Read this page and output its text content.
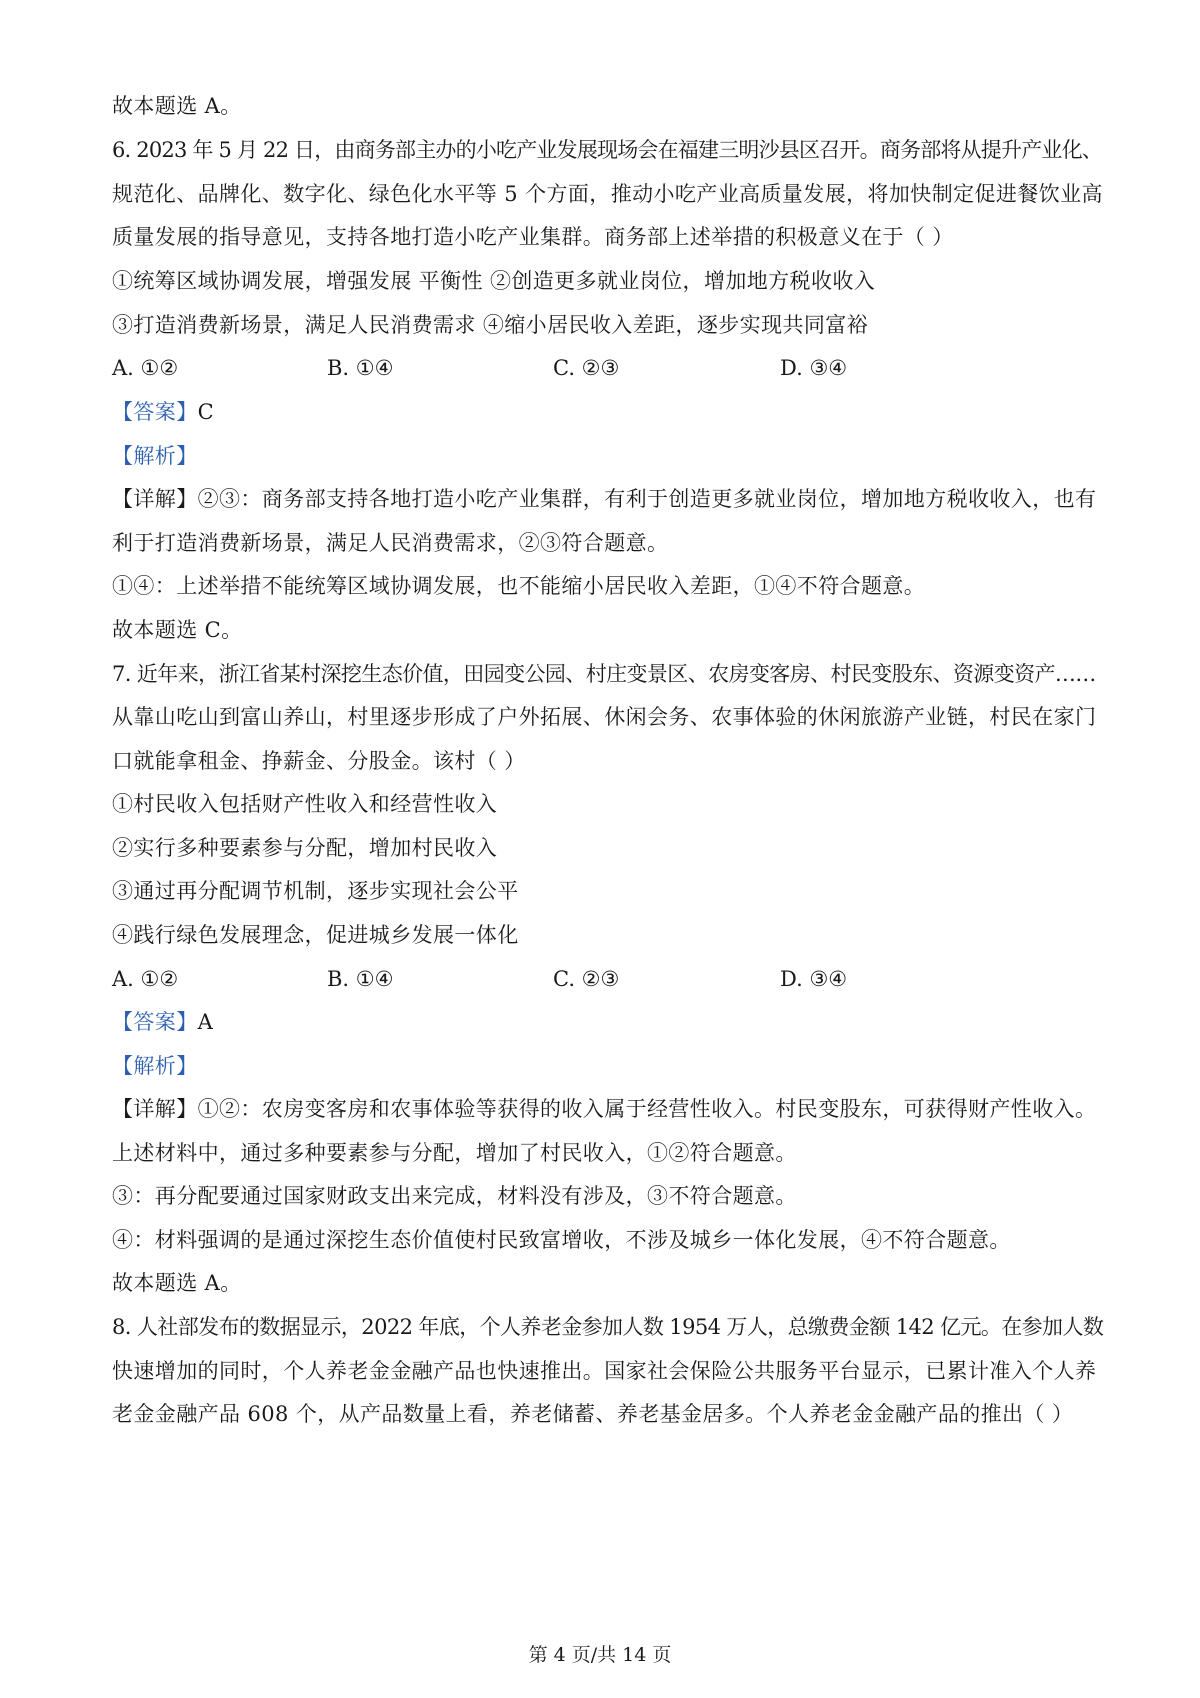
故本题选 A。
6. 2023 年 5 月 22 日，由商务部主办的小吃产业发展现场会在福建三明沙县区召开。商务部将从提升产业化、
规范化、品牌化、数字化、绿色化水平等 5 个方面，推动小吃产业高质量发展，将加快制定促进餐饮业高
质量发展的指导意见，支持各地打造小吃产业集群。商务部上述举措的积极意义在于（ ）
①统筹区域协调发展，增强发展 平衡性 ②创造更多就业岗位，增加地方税收收入
③打造消费新场景，满足人民消费需求 ④缩小居民收入差距，逐步实现共同富裕
A. ①②	B. ①④	C. ②③	D. ③④
【答案】C
【解析】
【详解】②③：商务部支持各地打造小吃产业集群，有利于创造更多就业岗位，增加地方税收收入，也有
利于打造消费新场景，满足人民消费需求，②③符合题意。
①④：上述举措不能统筹区域协调发展，也不能缩小居民收入差距，①④不符合题意。
故本题选 C。
7. 近年来，浙江省某村深挖生态价值，田园变公园、村庄变景区、农房变客房、村民变股东、资源变资产……
从靠山吃山到富山养山，村里逐步形成了户外拓展、休闲会务、农事体验的休闲旅游产业链，村民在家门
口就能拿租金、挣薪金、分股金。该村（ ）
①村民收入包括财产性收入和经营性收入
②实行多种要素参与分配，增加村民收入
③通过再分配调节机制，逐步实现社会公平
④践行绿色发展理念，促进城乡发展一体化
A. ①②	B. ①④	C. ②③	D. ③④
【答案】A
【解析】
【详解】①②：农房变客房和农事体验等获得的收入属于经营性收入。村民变股东，可获得财产性收入。
上述材料中，通过多种要素参与分配，增加了村民收入，①②符合题意。
③：再分配要通过国家财政支出来完成，材料没有涉及，③不符合题意。
④：材料强调的是通过深挖生态价值使村民致富增收，不涉及城乡一体化发展，④不符合题意。
故本题选 A。
8. 人社部发布的数据显示，2022 年底，个人养老金参加人数 1954 万人，总缴费金额 142 亿元。在参加人数
快速增加的同时，个人养老金金融产品也快速推出。国家社会保险公共服务平台显示，已累计准入个人养
老金金融产品 608 个，从产品数量上看，养老储蓄、养老基金居多。个人养老金金融产品的推出（ ）
第 4 页/共 14 页
